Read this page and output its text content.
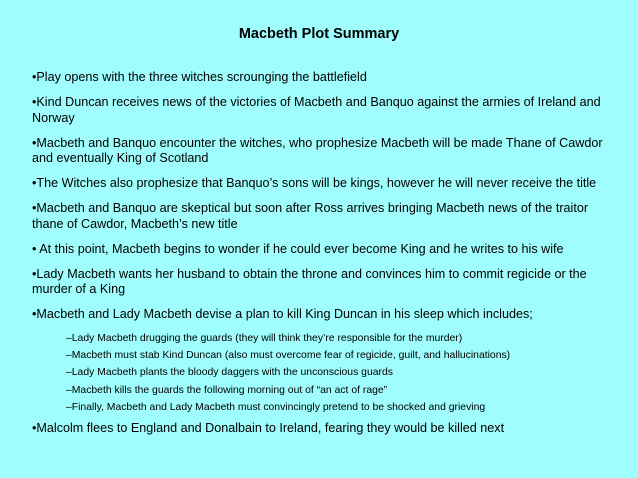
Macbeth Plot Summary
•Play opens with the three witches scrounging the battlefield
•Kind Duncan receives news of the victories of Macbeth and Banquo against the armies of Ireland and Norway
•Macbeth and Banquo encounter the witches, who prophesize Macbeth will be made Thane of Cawdor and eventually King of Scotland
•The Witches also prophesize that Banquo’s sons will be kings, however he will never receive the title
•Macbeth and Banquo are skeptical but soon after Ross arrives bringing Macbeth news of the traitor thane of Cawdor, Macbeth’s new title
• At this point, Macbeth begins to wonder if he could ever become King and he writes to his wife
•Lady Macbeth wants her husband to obtain the throne and convinces him to commit regicide or the murder of a King
•Macbeth and Lady Macbeth devise a plan to kill King Duncan in his sleep which includes;
–Lady Macbeth drugging the guards (they will think they’re responsible for the murder)
–Macbeth must stab Kind Duncan (also must overcome fear of regicide, guilt, and hallucinations)
–Lady Macbeth plants the bloody daggers with the unconscious guards
–Macbeth kills the guards the following morning out of “an act of rage”
–Finally, Macbeth and Lady Macbeth must convincingly pretend to be shocked and grieving
•Malcolm flees to England and Donalbain to Ireland, fearing they would be killed next
